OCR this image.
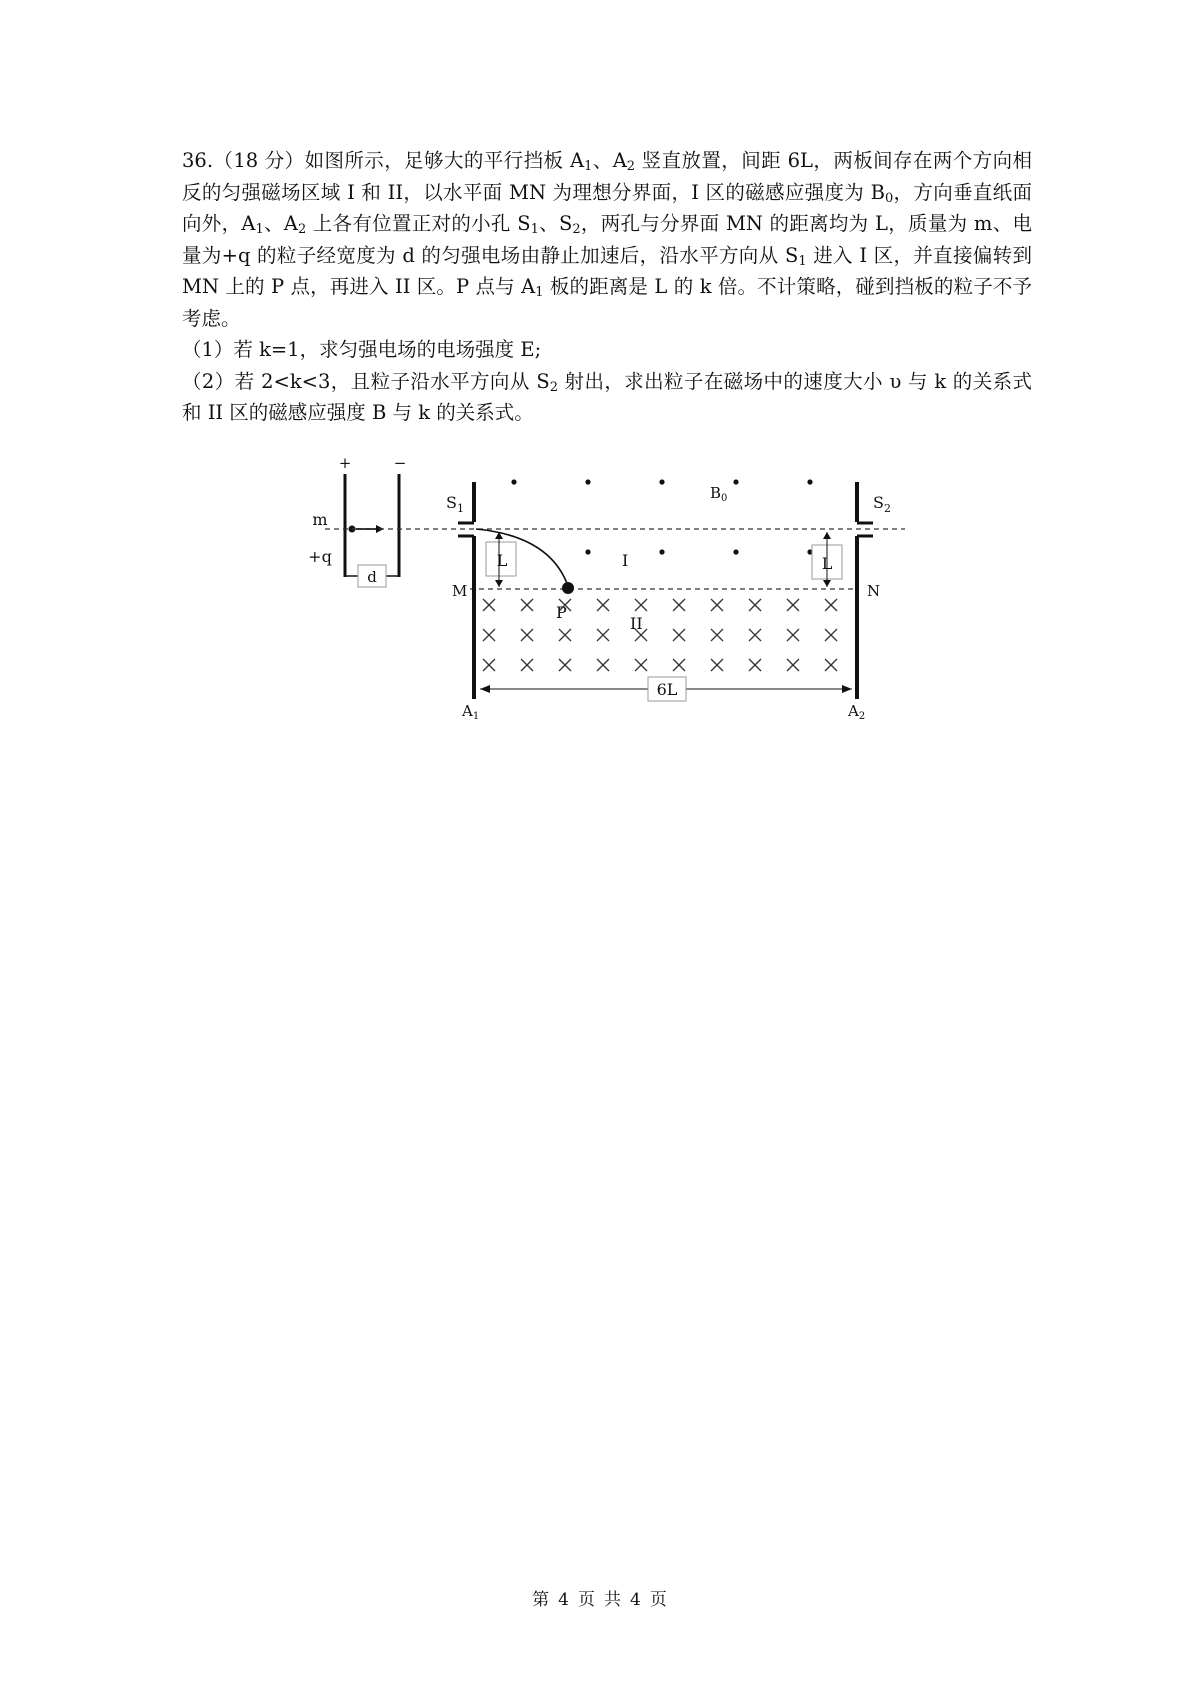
36.（18 分）如图所示，足够大的平行挡板 $A_1$、$A_2$ 竖直放置，间距 6L，两板间存在两个方向相反的匀强磁场区域 I 和 II，以水平面 MN 为理想分界面，I 区的磁感应强度为 $B_0$，方向垂直纸面向外，$A_1$、$A_2$ 上各有位置正对的小孔 $S_1$、$S_2$，两孔与分界面 MN 的距离均为 L，质量为 m、电量为+q 的粒子经宽度为 d 的匀强电场由静止加速后，沿水平方向从 $S_1$ 进入 I 区，并直接偏转到 MN 上的 P 点，再进入 II 区。P 点与 $A_1$ 板的距离是 L 的 k 倍。不计策略，碰到挡板的粒子不予考虑。

（1）若 k=1，求匀强电场的电场强度 E;

（2）若 2<k<3，且粒子沿水平方向从 $S_2$ 射出，求出粒子在磁场中的速度大小 υ 与 k 的关系式和 II 区的磁感应强度 B 与 k 的关系式。

d
+	−
m
+q
$S_1$	$S_2$
$B_0$
I
L	L
M	N
P
II
6L
$A_1$	$A_2$
第 4 页 共 4 页
